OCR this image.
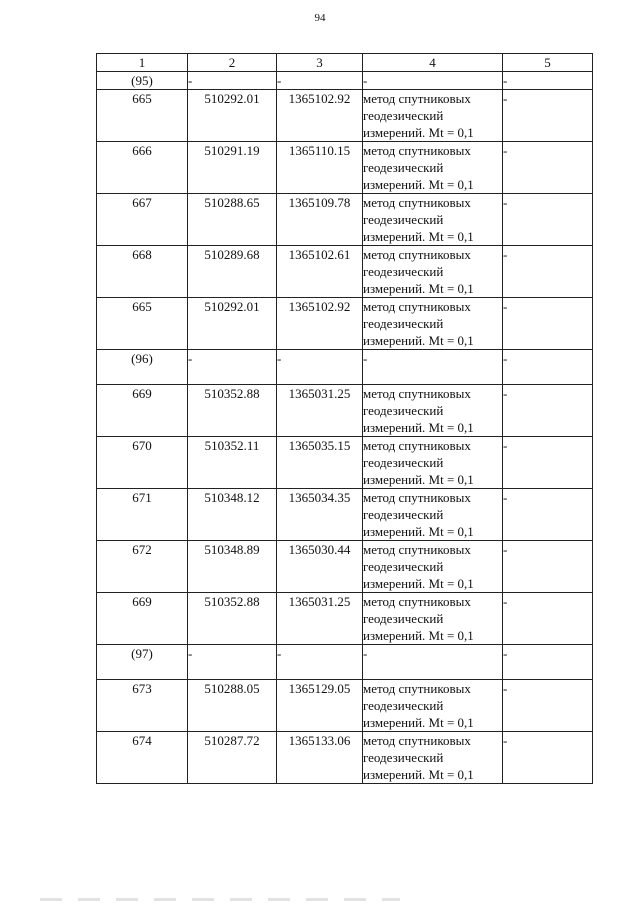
94
1	2	3	4	5
(95)	-	-	-	-
665	510292.01	1365102.92	метод спутниковых
геодезический
измерений. Mt = 0,1	-
666	510291.19	1365110.15	метод спутниковых
геодезический
измерений. Mt = 0,1	-
667	510288.65	1365109.78	метод спутниковых
геодезический
измерений. Mt = 0,1	-
668	510289.68	1365102.61	метод спутниковых
геодезический
измерений. Mt = 0,1	-
665	510292.01	1365102.92	метод спутниковых
геодезический
измерений. Mt = 0,1	-
(96)	-	-	-	-
669	510352.88	1365031.25	метод спутниковых
геодезический
измерений. Mt = 0,1	-
670	510352.11	1365035.15	метод спутниковых
геодезический
измерений. Mt = 0,1	-
671	510348.12	1365034.35	метод спутниковых
геодезический
измерений. Mt = 0,1	-
672	510348.89	1365030.44	метод спутниковых
геодезический
измерений. Mt = 0,1	-
669	510352.88	1365031.25	метод спутниковых
геодезический
измерений. Mt = 0,1	-
(97)	-	-	-	-
673	510288.05	1365129.05	метод спутниковых
геодезический
измерений. Mt = 0,1	-
674	510287.72	1365133.06	метод спутниковых
геодезический
измерений. Mt = 0,1	-
